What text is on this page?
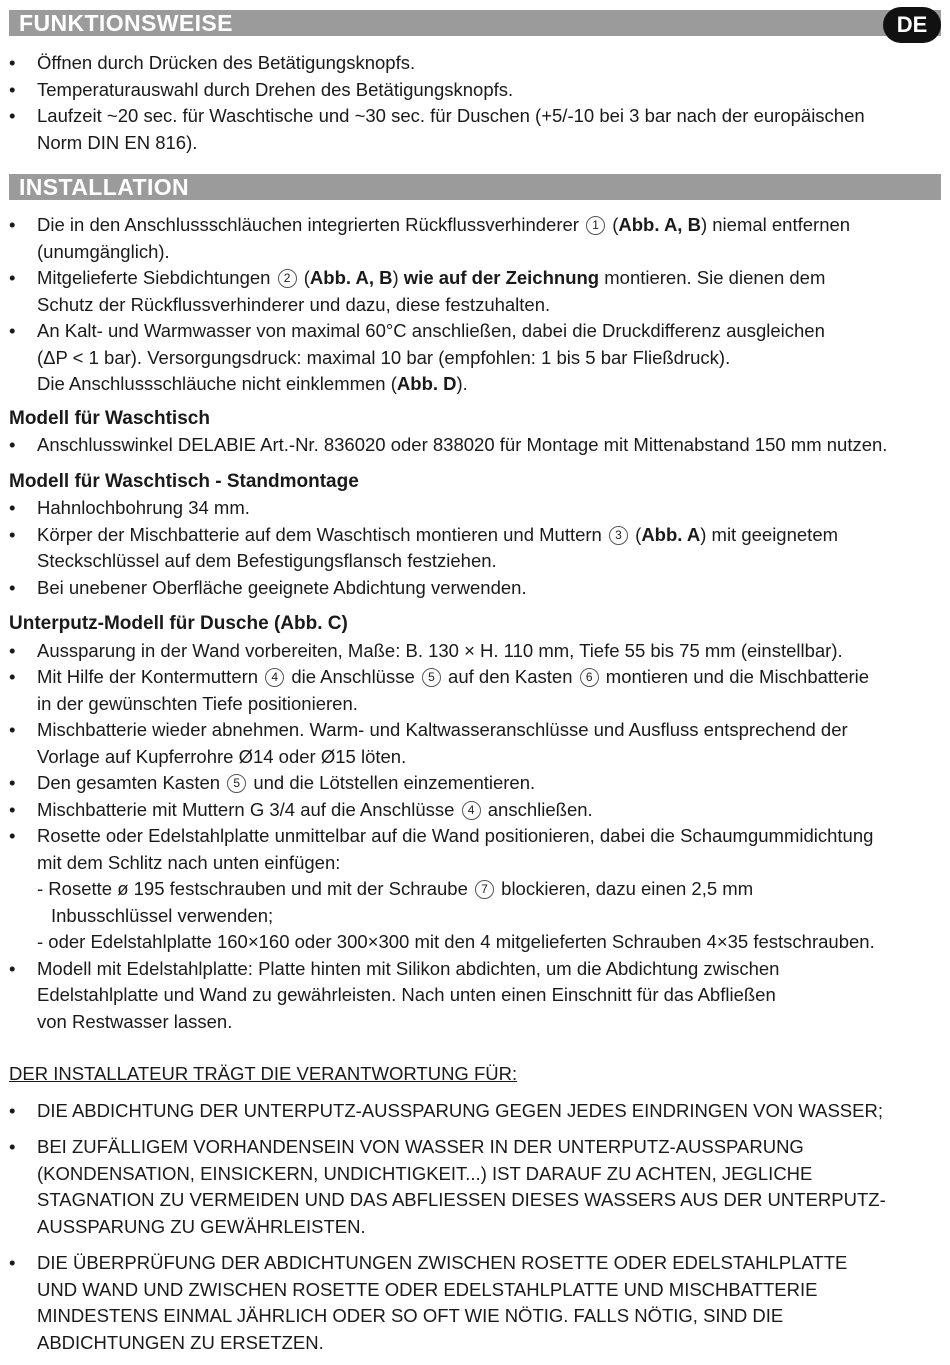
FUNKTIONSWEISE	DE
• Öffnen durch Drücken des Betätigungsknopfs.
• Temperaturauswahl durch Drehen des Betätigungsknopfs.
• Laufzeit ~20 sec. für Waschtische und ~30 sec. für Duschen (+5/-10 bei 3 bar nach der europäischen
Norm DIN EN 816).
INSTALLATION
• Die in den Anschlussschläuchen integrierten Rückflussverhinderer 1 (Abb. A, B) niemal entfernen
(unumgänglich).
• Mitgelieferte Siebdichtungen 2 (Abb. A, B) wie auf der Zeichnung montieren. Sie dienen dem
Schutz der Rückflussverhinderer und dazu, diese festzuhalten.
• An Kalt- und Warmwasser von maximal 60°C anschließen, dabei die Druckdifferenz ausgleichen
(ΔP < 1 bar). Versorgungsdruck: maximal 10 bar (empfohlen: 1 bis 5 bar Fließdruck).
Die Anschlussschläuche nicht einklemmen (Abb. D).
Modell für Waschtisch
• Anschlusswinkel DELABIE Art.-Nr. 836020 oder 838020 für Montage mit Mittenabstand 150 mm nutzen.
Modell für Waschtisch - Standmontage
• Hahnlochbohrung 34 mm.
• Körper der Mischbatterie auf dem Waschtisch montieren und Muttern 3 (Abb. A) mit geeignetem
Steckschlüssel auf dem Befestigungsflansch festziehen.
• Bei unebener Oberfläche geeignete Abdichtung verwenden.
Unterputz-Modell für Dusche (Abb. C)
• Aussparung in der Wand vorbereiten, Maße: B. 130 × H. 110 mm, Tiefe 55 bis 75 mm (einstellbar).
• Mit Hilfe der Kontermuttern 4 die Anschlüsse 5 auf den Kasten 6 montieren und die Mischbatterie
in der gewünschten Tiefe positionieren.
• Mischbatterie wieder abnehmen. Warm- und Kaltwasseranschlüsse und Ausfluss entsprechend der
Vorlage auf Kupferrohre Ø14 oder Ø15 löten.
• Den gesamten Kasten 5 und die Lötstellen einzementieren.
• Mischbatterie mit Muttern G 3/4 auf die Anschlüsse 4 anschließen.
• Rosette oder Edelstahlplatte unmittelbar auf die Wand positionieren, dabei die Schaumgummidichtung
mit dem Schlitz nach unten einfügen:
- Rosette ø 195 festschrauben und mit der Schraube 7 blockieren, dazu einen 2,5 mm
Inbusschlüssel verwenden;
- oder Edelstahlplatte 160×160 oder 300×300 mit den 4 mitgelieferten Schrauben 4×35 festschrauben.
• Modell mit Edelstahlplatte: Platte hinten mit Silikon abdichten, um die Abdichtung zwischen
Edelstahlplatte und Wand zu gewährleisten. Nach unten einen Einschnitt für das Abfließen
von Restwasser lassen.
DER INSTALLATEUR TRÄGT DIE VERANTWORTUNG FÜR:
• DIE ABDICHTUNG DER UNTERPUTZ-AUSSPARUNG GEGEN JEDES EINDRINGEN VON WASSER;
• BEI ZUFÄLLIGEM VORHANDENSEIN VON WASSER IN DER UNTERPUTZ-AUSSPARUNG
(KONDENSATION, EINSICKERN, UNDICHTIGKEIT...) IST DARAUF ZU ACHTEN, JEGLICHE
STAGNATION ZU VERMEIDEN UND DAS ABFLIESSEN DIESES WASSERS AUS DER UNTERPUTZ-
AUSSPARUNG ZU GEWÄHRLEISTEN.
• DIE ÜBERPRÜFUNG DER ABDICHTUNGEN ZWISCHEN ROSETTE ODER EDELSTAHLPLATTE
UND WAND UND ZWISCHEN ROSETTE ODER EDELSTAHLPLATTE UND MISCHBATTERIE
MINDESTENS EINMAL JÄHRLICH ODER SO OFT WIE NÖTIG. FALLS NÖTIG, SIND DIE
ABDICHTUNGEN ZU ERSETZEN.
